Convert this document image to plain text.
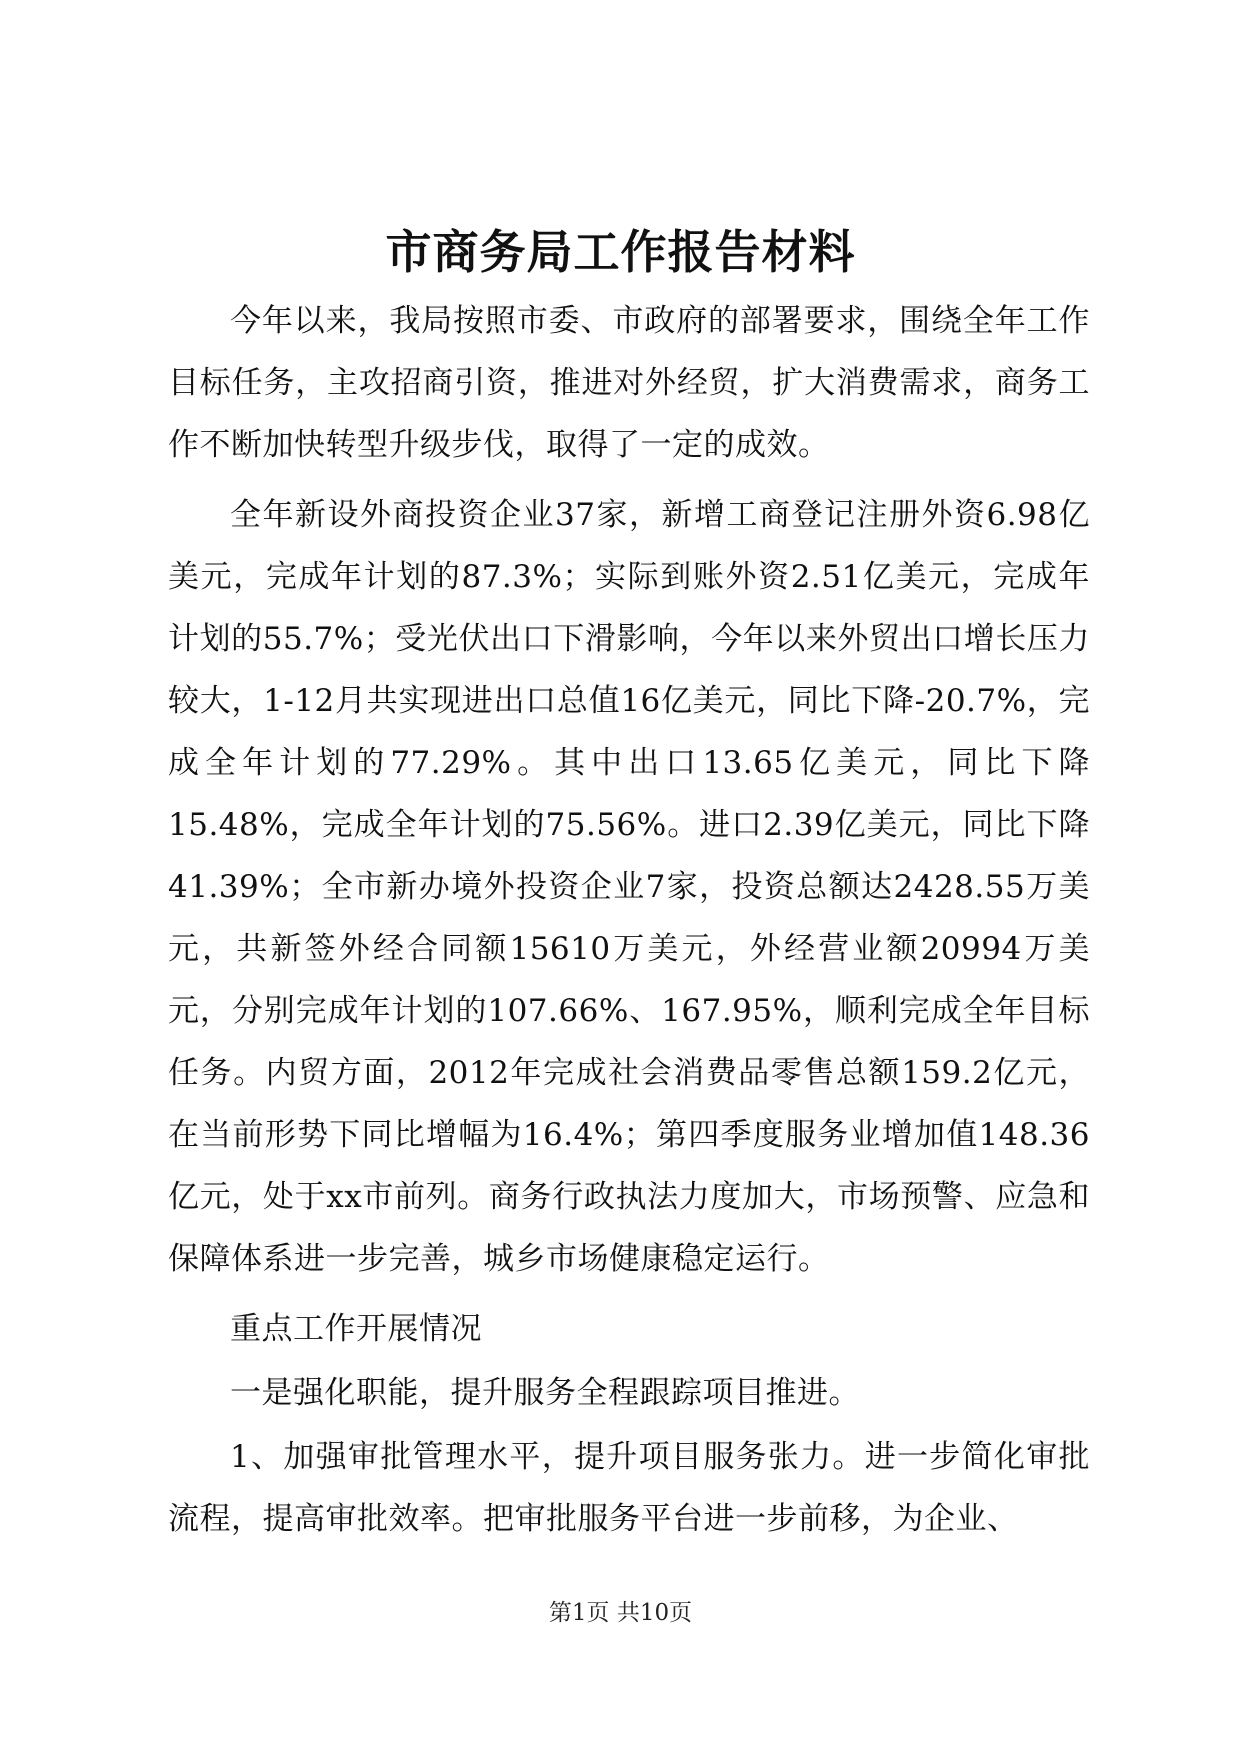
市商务局工作报告材料

今年以来，我局按照市委、市政府的部署要求，围绕全年工作目标任务，主攻招商引资，推进对外经贸，扩大消费需求，商务工作不断加快转型升级步伐，取得了一定的成效。

全年新设外商投资企业37家，新增工商登记注册外资6.98亿美元，完成年计划的87.3%；实际到账外资2.51亿美元，完成年计划的55.7%；受光伏出口下滑影响，今年以来外贸出口增长压力较大，1-12月共实现进出口总值16亿美元，同比下降-20.7%，完成全年计划的77.29%。其中出口13.65亿美元，同比下降15.48%，完成全年计划的75.56%。进口2.39亿美元，同比下降41.39%；全市新办境外投资企业7家，投资总额达2428.55万美元，共新签外经合同额15610万美元，外经营业额20994万美元，分别完成年计划的107.66%、167.95%，顺利完成全年目标任务。内贸方面，2012年完成社会消费品零售总额159.2亿元，在当前形势下同比增幅为16.4%；第四季度服务业增加值148.36亿元，处于xx市前列。商务行政执法力度加大，市场预警、应急和保障体系进一步完善，城乡市场健康稳定运行。

重点工作开展情况

一是强化职能，提升服务全程跟踪项目推进。

1、加强审批管理水平，提升项目服务张力。进一步简化审批流程，提高审批效率。把审批服务平台进一步前移，为企业、

第1页 共10页
